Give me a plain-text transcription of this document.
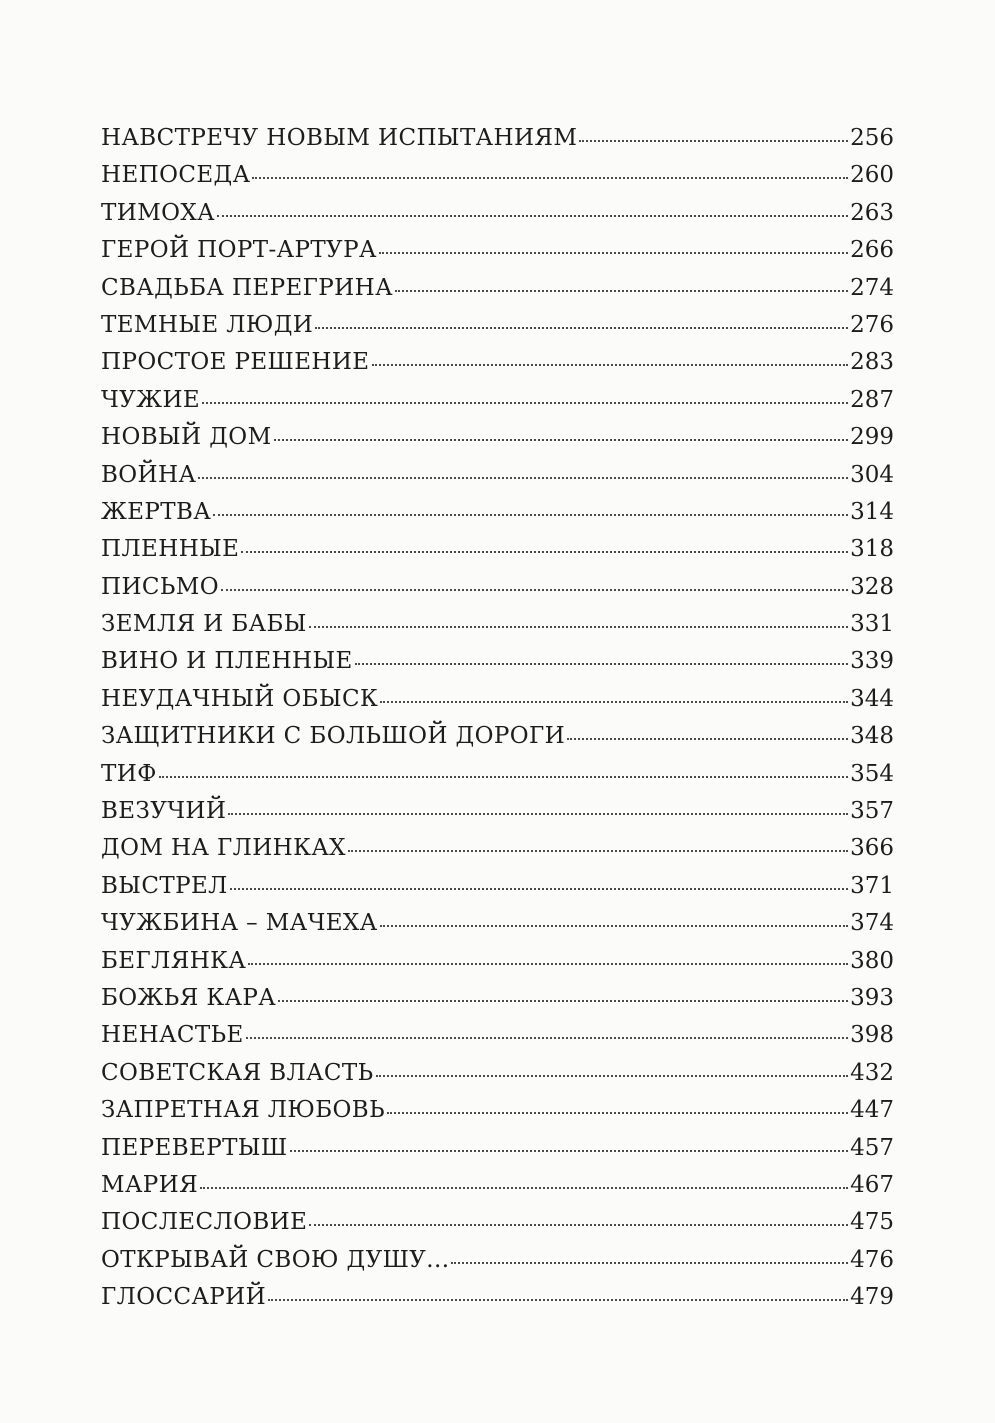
НАВСТРЕЧУ НОВЫМ ИСПЫТАНИЯМ	256
НЕПОСЕДА	260
ТИМОХА	263
ГЕРОЙ ПОРТ-АРТУРА	266
СВАДЬБА ПЕРЕГРИНА	274
ТЕМНЫЕ ЛЮДИ	276
ПРОСТОЕ РЕШЕНИЕ	283
ЧУЖИЕ	287
НОВЫЙ ДОМ	299
ВОЙНА	304
ЖЕРТВА	314
ПЛЕННЫЕ	318
ПИСЬМО	328
ЗЕМЛЯ И БАБЫ	331
ВИНО И ПЛЕННЫЕ	339
НЕУДАЧНЫЙ ОБЫСК	344
ЗАЩИТНИКИ С БОЛЬШОЙ ДОРОГИ	348
ТИФ	354
ВЕЗУЧИЙ	357
ДОМ НА ГЛИНКАХ	366
ВЫСТРЕЛ	371
ЧУЖБИНА – МАЧЕХА	374
БЕГЛЯНКА	380
БОЖЬЯ КАРА	393
НЕНАСТЬЕ	398
СОВЕТСКАЯ ВЛАСТЬ	432
ЗАПРЕТНАЯ ЛЮБОВЬ	447
ПЕРЕВЕРТЫШ	457
МАРИЯ	467
ПОСЛЕСЛОВИЕ	475
ОТКРЫВАЙ СВОЮ ДУШУ...	476
ГЛОССАРИЙ	479
